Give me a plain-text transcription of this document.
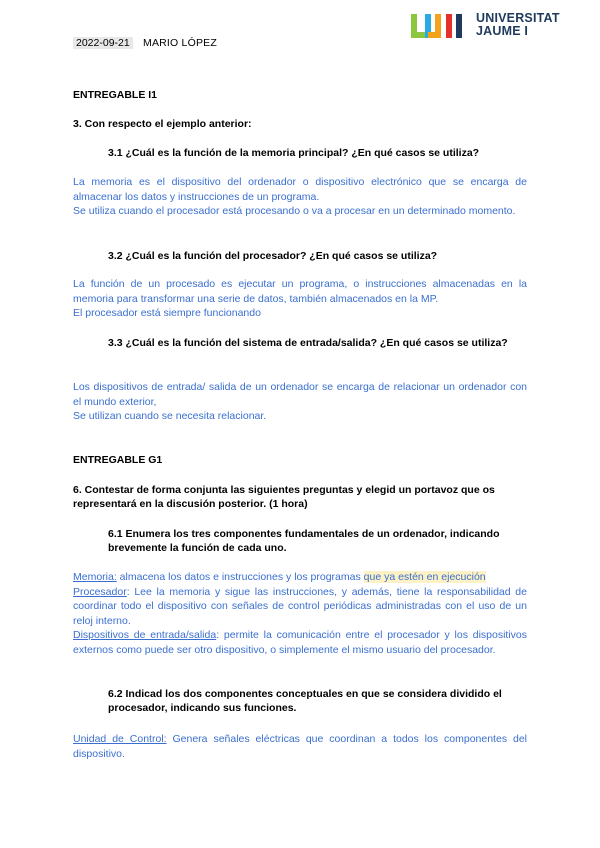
2022-09-21 MARIO LÓPEZ
UNIVERSITAT
JAUME I
ENTREGABLE I1
3. Con respecto el ejemplo anterior:
3.1 ¿Cuál es la función de la memoria principal? ¿En qué casos se utiliza?

La memoria es el dispositivo del ordenador o dispositivo electrónico que se encarga de almacenar los datos y instrucciones de un programa.

Se utiliza cuando el procesador está procesando o va a procesar en un determinado momento.

3.2 ¿Cuál es la función del procesador? ¿En qué casos se utiliza?

La función de un procesado es ejecutar un programa, o instrucciones almacenadas en la memoria para transformar una serie de datos, también almacenados en la MP.

El procesador está siempre funcionando

3.3 ¿Cuál es la función del sistema de entrada/salida? ¿En qué casos se utiliza?

Los dispositivos de entrada/ salida de un ordenador se encarga de relacionar un ordenador con el mundo exterior,

Se utilizan cuando se necesita relacionar.

ENTREGABLE G1
6. Contestar de forma conjunta las siguientes preguntas y elegid un portavoz que os representará en la discusión posterior. (1 hora)
6.1 Enumera los tres componentes fundamentales de un ordenador, indicando brevemente la función de cada uno.

Memoria: almacena los datos e instrucciones y los programas que ya estén en ejecución

Procesador: Lee la memoria y sigue las instrucciones, y además, tiene la responsabilidad de coordinar todo el dispositivo con señales de control periódicas administradas con el uso de un reloj interno.

Dispositivos de entrada/salida: permite la comunicación entre el procesador y los dispositivos externos como puede ser otro dispositivo, o simplemente el mismo usuario del procesador.

6.2 Indicad los dos componentes conceptuales en que se considera dividido el procesador, indicando sus funciones.

Unidad de Control: Genera señales eléctricas que coordinan a todos los componentes del dispositivo.
